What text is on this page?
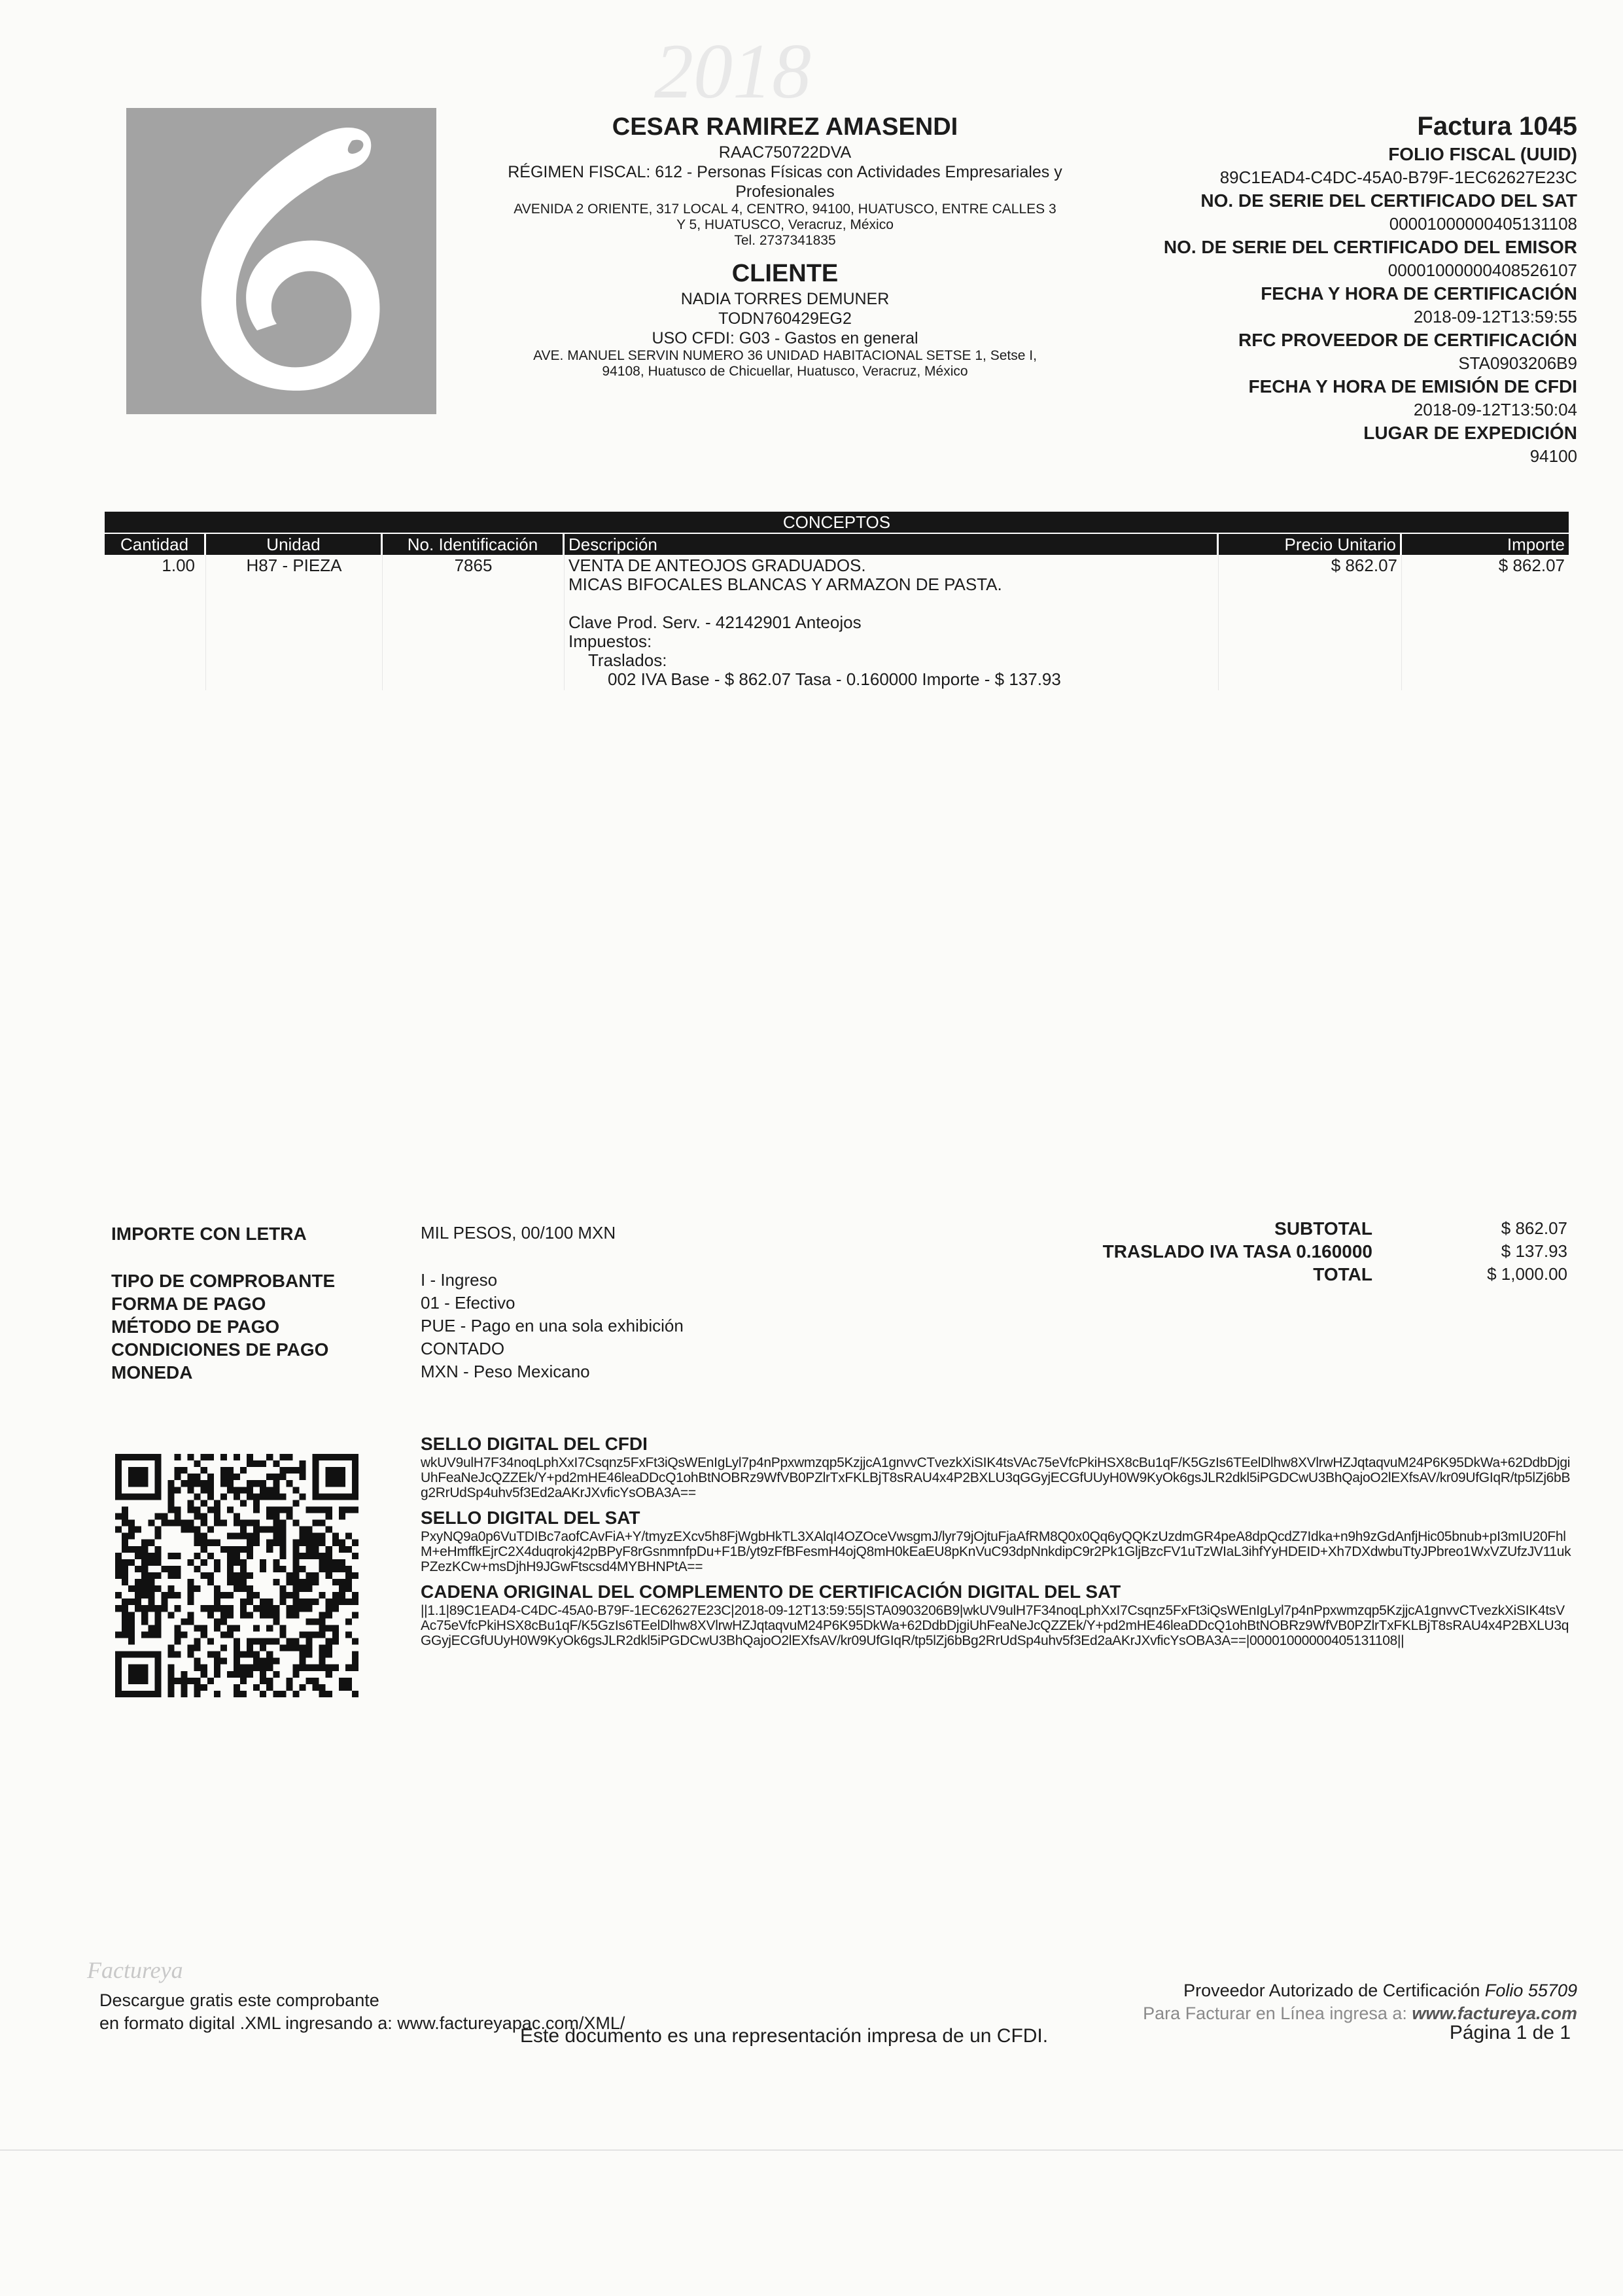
2018
CESAR RAMIREZ AMASENDI
RAAC750722DVA
RÉGIMEN FISCAL: 612 - Personas Físicas con Actividades Empresariales y
Profesionales
AVENIDA 2 ORIENTE, 317 LOCAL 4, CENTRO, 94100, HUATUSCO, ENTRE CALLES 3
Y 5, HUATUSCO, Veracruz, México
Tel. 2737341835
CLIENTE
NADIA TORRES DEMUNER
TODN760429EG2
USO CFDI: G03 - Gastos en general
AVE. MANUEL SERVIN NUMERO 36 UNIDAD HABITACIONAL SETSE 1, Setse I,
94108, Huatusco de Chicuellar, Huatusco, Veracruz, México
Factura 1045
FOLIO FISCAL (UUID)
89C1EAD4-C4DC-45A0-B79F-1EC62627E23C
NO. DE SERIE DEL CERTIFICADO DEL SAT
00001000000405131108
NO. DE SERIE DEL CERTIFICADO DEL EMISOR
00001000000408526107
FECHA Y HORA DE CERTIFICACIÓN
2018-09-12T13:59:55
RFC PROVEEDOR DE CERTIFICACIÓN
STA0903206B9
FECHA Y HORA DE EMISIÓN DE CFDI
2018-09-12T13:50:04
LUGAR DE EXPEDICIÓN
94100
CONCEPTOS
Cantidad	Unidad	No. Identificación	Descripción	Precio Unitario	Importe
1.00	H87 - PIEZA	7865	VENTA DE ANTEOJOS GRADUADOS.
MICAS BIFOCALES BLANCAS Y ARMAZON DE PASTA.
Clave Prod. Serv. - 42142901 Anteojos
Impuestos:
Traslados:
002 IVA Base - $ 862.07 Tasa - 0.160000 Importe - $ 137.93
$ 862.07	$ 862.07
IMPORTE CON LETRA	MIL PESOS, 00/100 MXN
TIPO DE COMPROBANTE	I - Ingreso
FORMA DE PAGO	01 - Efectivo
MÉTODO DE PAGO	PUE - Pago en una sola exhibición
CONDICIONES DE PAGO	CONTADO
MONEDA	MXN - Peso Mexicano
SUBTOTAL	$ 862.07
TRASLADO IVA TASA 0.160000	$ 137.93
TOTAL	$ 1,000.00
SELLO DIGITAL DEL CFDI
wkUV9ulH7F34noqLphXxI7Csqnz5FxFt3iQsWEnIgLyl7p4nPpxwmzqp5KzjjcA1gnvvCTvezkXiSIK4tsVAc75eVfcPkiHSX8cBu1qF/K5GzIs6TEelDlhw8XVlrwHZJqtaqvuM24P6K95DkWa+62DdbDjgiUhFeaNeJcQZZEk/Y+pd2mHE46leaDDcQ1ohBtNOBRz9WfVB0PZlrTxFKLBjT8sRAU4x4P2BXLU3qGGyjECGfUUyH0W9KyOk6gsJLR2dkl5iPGDCwU3BhQajoO2lEXfsAV/kr09UfGIqR/tp5lZj6bBg2RrUdSp4uhv5f3Ed2aAKrJXvficYsOBA3A==
SELLO DIGITAL DEL SAT
PxyNQ9a0p6VuTDIBc7aofCAvFiA+Y/tmyzEXcv5h8FjWgbHkTL3XAlqI4OZOceVwsgmJ/lyr79jOjtuFjaAfRM8Q0x0Qq6yQQKzUzdmGR4peA8dpQcdZ7Idka+n9h9zGdAnfjHic05bnub+pI3mIU20FhlM+eHmffkEjrC2X4duqrokj42pBPyF8rGsnmnfpDu+F1B/yt9zFfBFesmH4ojQ8mH0kEaEU8pKnVuC93dpNnkdipC9r2Pk1GljBzcFV1uTzWIaL3ihfYyHDEID+Xh7DXdwbuTtyJPbreo1WxVZUfzJV11ukPZezKCw+msDjhH9JGwFtscsd4MYBHNPtA==
CADENA ORIGINAL DEL COMPLEMENTO DE CERTIFICACIÓN DIGITAL DEL SAT
||1.1|89C1EAD4-C4DC-45A0-B79F-1EC62627E23C|2018-09-12T13:59:55|STA0903206B9|wkUV9ulH7F34noqLphXxI7Csqnz5FxFt3iQsWEnIgLyl7p4nPpxwmzqp5KzjjcA1gnvvCTvezkXiSIK4tsVAc75eVfcPkiHSX8cBu1qF/K5GzIs6TEelDlhw8XVlrwHZJqtaqvuM24P6K95DkWa+62DdbDjgiUhFeaNeJcQZZEk/Y+pd2mHE46leaDDcQ1ohBtNOBRz9WfVB0PZlrTxFKLBjT8sRAU4x4P2BXLU3qGGyjECGfUUyH0W9KyOk6gsJLR2dkl5iPGDCwU3BhQajoO2lEXfsAV/kr09UfGIqR/tp5lZj6bBg2RrUdSp4uhv5f3Ed2aAKrJXvficYsOBA3A==|00001000000405131108||
Factureya
Descargue gratis este comprobante
en formato digital .XML ingresando a: www.factureyapac.com/XML/
Este documento es una representación impresa de un CFDI.
Proveedor Autorizado de Certificación Folio 55709
Para Facturar en Línea ingresa a: www.factureya.com
Página 1 de 1
